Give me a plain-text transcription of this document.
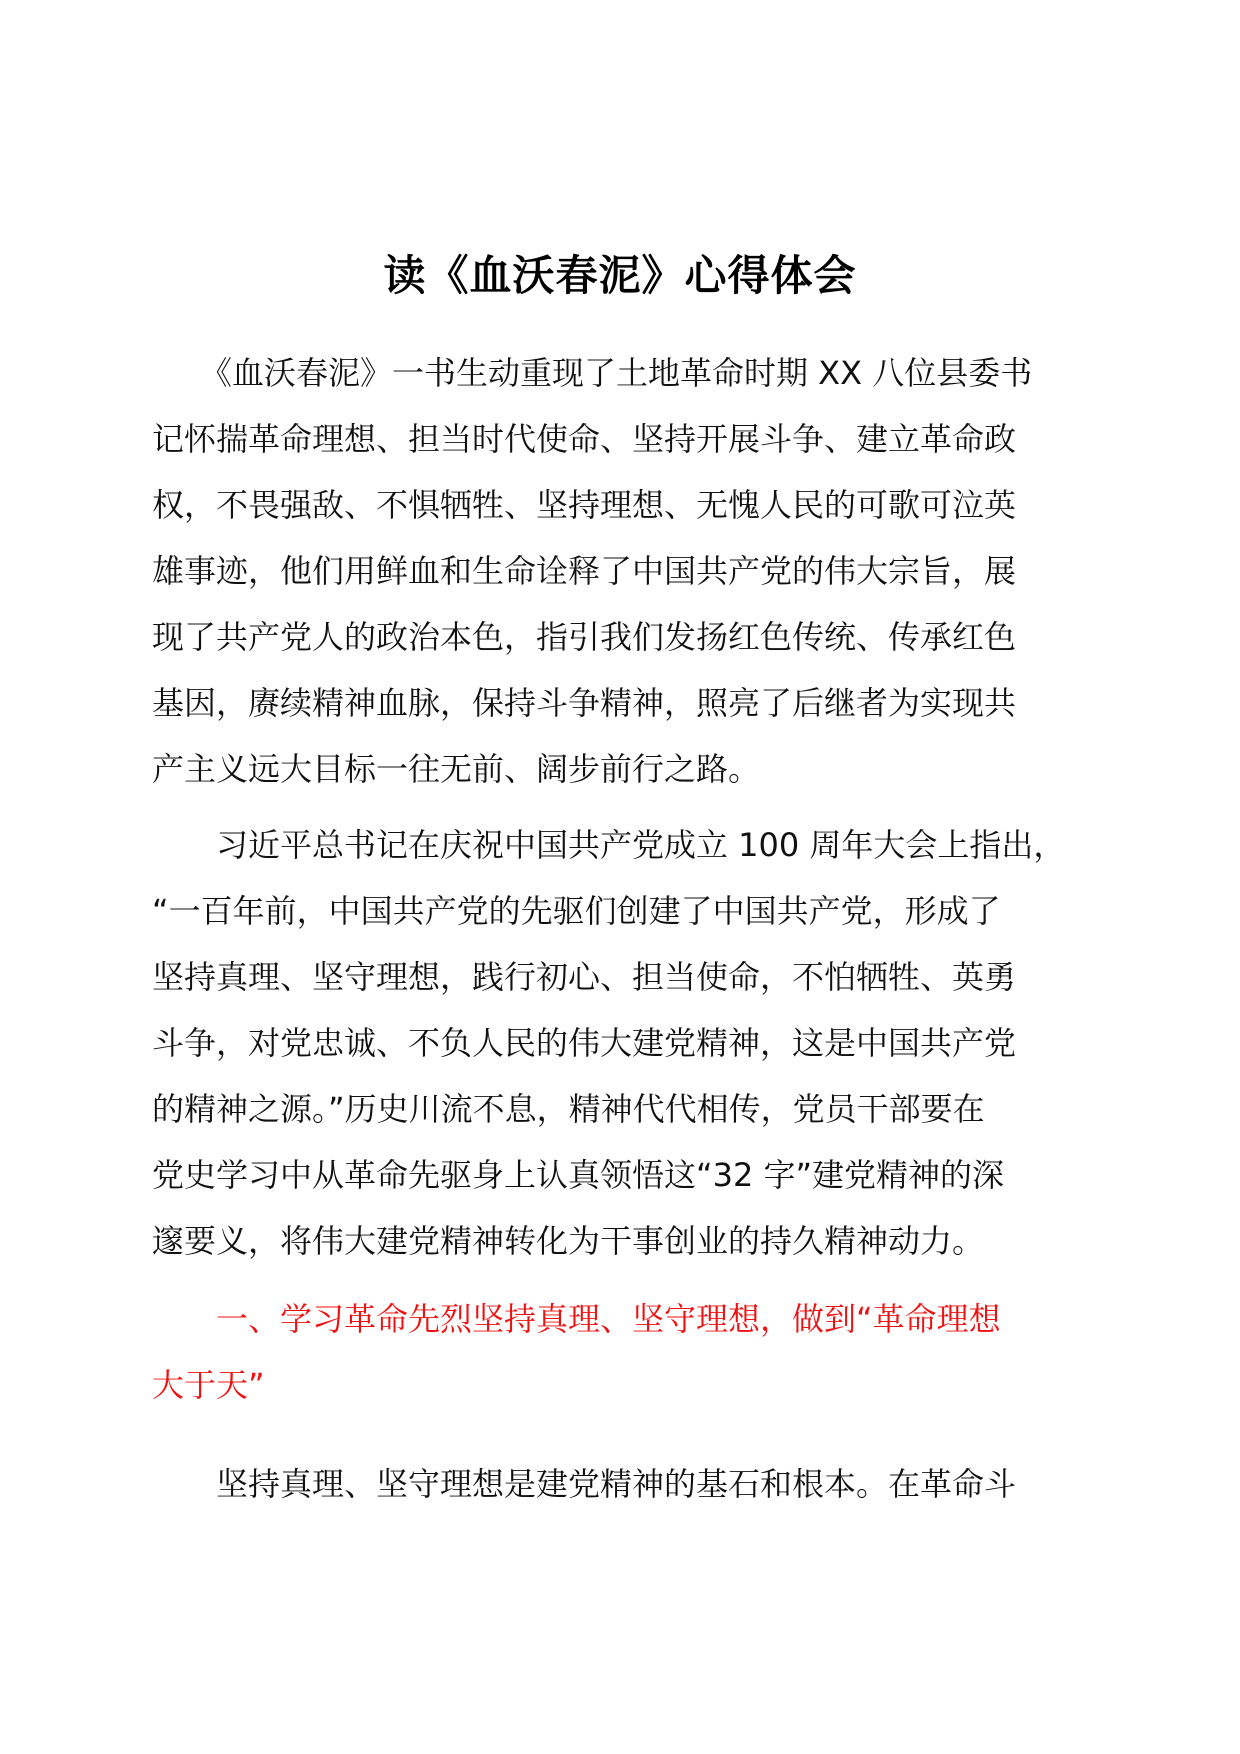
读《血沃春泥》心得体会
　　《血沃春泥》一书生动重现了土地革命时期 XX 八位县委书
记怀揣革命理想、担当时代使命、坚持开展斗争、建立革命政
权，不畏强敌、不惧牺牲、坚持理想、无愧人民的可歌可泣英
雄事迹，他们用鲜血和生命诠释了中国共产党的伟大宗旨，展
现了共产党人的政治本色，指引我们发扬红色传统、传承红色
基因，赓续精神血脉，保持斗争精神，照亮了后继者为实现共
产主义远大目标一往无前、阔步前行之路。
　　习近平总书记在庆祝中国共产党成立 100 周年大会上指出，
“一百年前，中国共产党的先驱们创建了中国共产党，形成了
坚持真理、坚守理想，践行初心、担当使命，不怕牺牲、英勇
斗争，对党忠诚、不负人民的伟大建党精神，这是中国共产党
的精神之源。”历史川流不息，精神代代相传，党员干部要在
党史学习中从革命先驱身上认真领悟这“32 字”建党精神的深
邃要义，将伟大建党精神转化为干事创业的持久精神动力。
　　一、学习革命先烈坚持真理、坚守理想，做到“革命理想
大于天”
　　坚持真理、坚守理想是建党精神的基石和根本。在革命斗
